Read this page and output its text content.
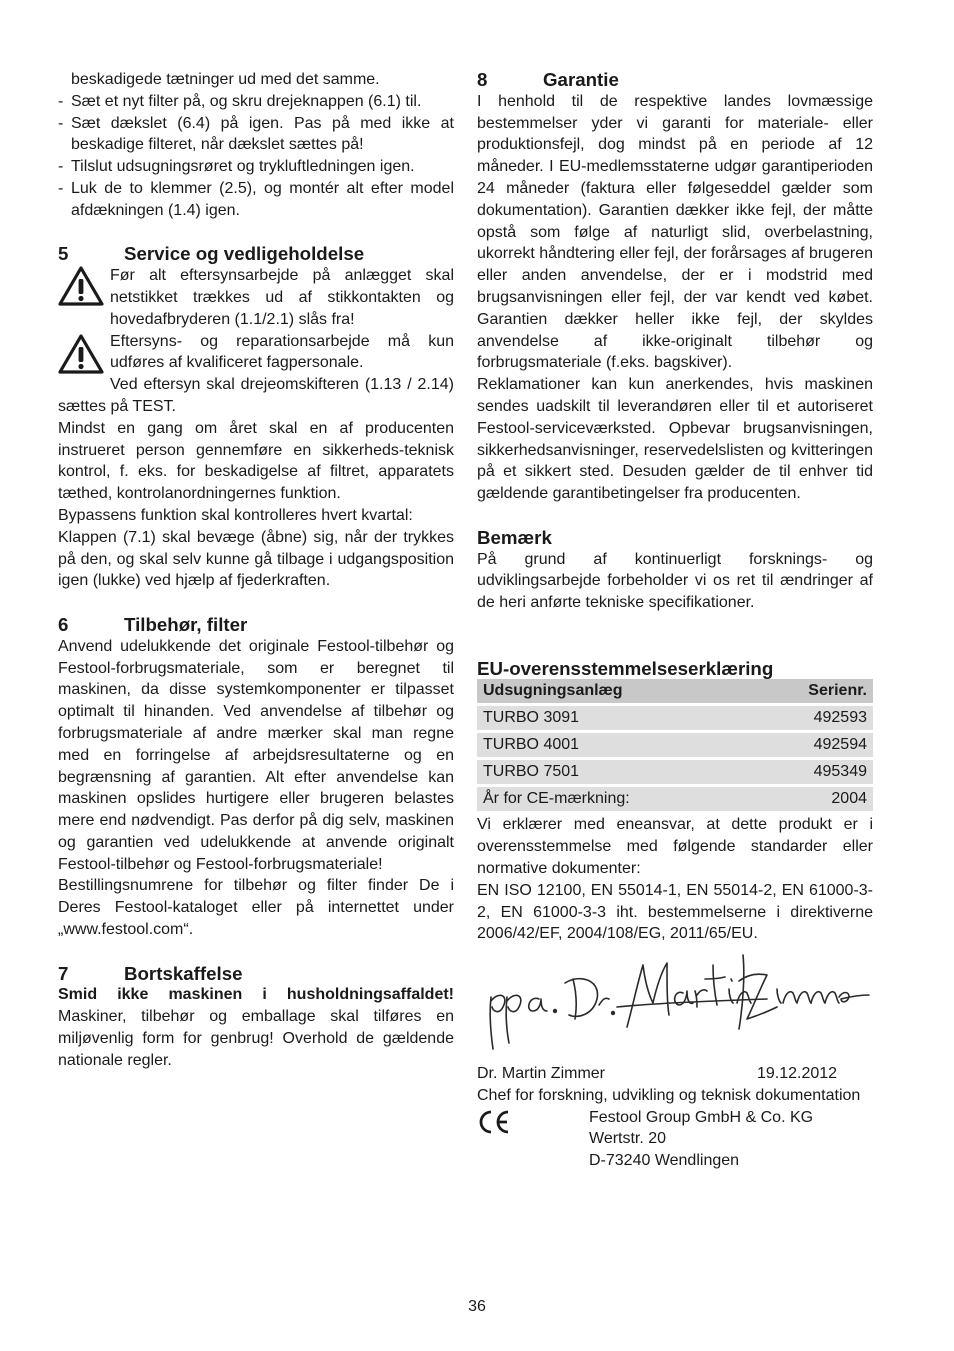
beskadigede tætninger ud med det samme.

- Sæt et nyt filter på, og skru drejeknappen (6.1) til.
- Sæt dækslet (6.4) på igen. Pas på med ikke at beskadige filteret, når dækslet sættes på!
- Tilslut udsugningsrøret og trykluftledningen igen.
- Luk de to klemmer (2.5), og montér alt efter model afdækningen (1.4) igen.
5	Service og vedligeholdelse
Før alt eftersynsarbejde på anlægget skal netstikket trækkes ud af stikkontakten og hovedafbryderen (1.1/2.1) slås fra!
Eftersyns- og reparationsarbejde må kun udføres af kvalificeret fagpersonale.

Ved eftersyn skal drejeomskifteren (1.13 / 2.14) sættes på TEST.

Mindst en gang om året skal en af producenten instrueret person gennemføre en sikkerheds-teknisk kontrol, f. eks. for beskadigelse af filtret, apparatets tæthed, kontrolanordningernes funktion.

Bypassens funktion skal kontrolleres hvert kvartal:

Klappen (7.1) skal bevæge (åbne) sig, når der trykkes på den, og skal selv kunne gå tilbage i udgangsposition igen (lukke) ved hjælp af fjederkraften.

6	Tilbehør, filter

Anvend udelukkende det originale Festool-tilbehør og Festool-forbrugsmateriale, som er beregnet til maskinen, da disse systemkomponenter er tilpasset optimalt til hinanden. Ved anvendelse af tilbehør og forbrugsmateriale af andre mærker skal man regne med en forringelse af arbejdsresultaterne og en begrænsning af garantien. Alt efter anvendelse kan maskinen opslides hurtigere eller brugeren belastes mere end nødvendigt. Pas derfor på dig selv, maskinen og garantien ved udelukkende at anvende originalt Festool-tilbehør og Festool-forbrugsmateriale!

Bestillingsnumrene for tilbehør og filter finder De i Deres Festool-kataloget eller på internettet under „www.festool.com“.

7	Bortskaffelse

Smid ikke maskinen i husholdningsaffaldet! Maskiner, tilbehør og emballage skal tilføres en miljøvenlig form for genbrug! Overhold de gældende nationale regler.

8	Garantie

I henhold til de respektive landes lovmæssige bestemmelser yder vi garanti for materiale- eller produktionsfejl, dog mindst på en periode af 12 måneder. I EU-medlemsstaterne udgør garantiperioden 24 måneder (faktura eller følgeseddel gælder som dokumentation). Garantien dækker ikke fejl, der måtte opstå som følge af naturligt slid, overbelastning, ukorrekt håndtering eller fejl, der forårsages af brugeren eller anden anvendelse, der er i modstrid med brugsanvisningen eller fejl, der var kendt ved købet. Garantien dækker heller ikke fejl, der skyldes anvendelse af ikke-originalt tilbehør og forbrugsmateriale (f.eks. bagskiver).

Reklamationer kan kun anerkendes, hvis maskinen sendes uadskilt til leverandøren eller til et autoriseret Festool-serviceværksted. Opbevar brugsanvisningen, sikkerhedsanvisninger, reservedelslisten og kvitteringen på et sikkert sted. Desuden gælder de til enhver tid gældende garantibetingelser fra producenten.

Bemærk

På grund af kontinuerligt forsknings- og udviklingsarbejde forbeholder vi os ret til ændringer af de heri anførte tekniske specifikationer.

EU-overensstemmelseserklæring
Udsugningsanlæg	Serienr.
TURBO 3091	492593
TURBO 4001	492594
TURBO 7501	495349
År for CE-mærkning:	2004

Vi erklærer med eneansvar, at dette produkt er i overensstemmelse med følgende standarder eller normative dokumenter:

EN ISO 12100, EN 55014-1, EN 55014-2, EN 61000-3-2, EN 61000-3-3 iht. bestemmelserne i direktiverne 2006/42/EF, 2004/108/EG, 2011/65/EU.

Dr. Martin Zimmer	19.12.2012

Chef for forskning, udvikling og teknisk dokumentation

Festool Group GmbH & Co. KG
Wertstr. 20
D-73240 Wendlingen
36
